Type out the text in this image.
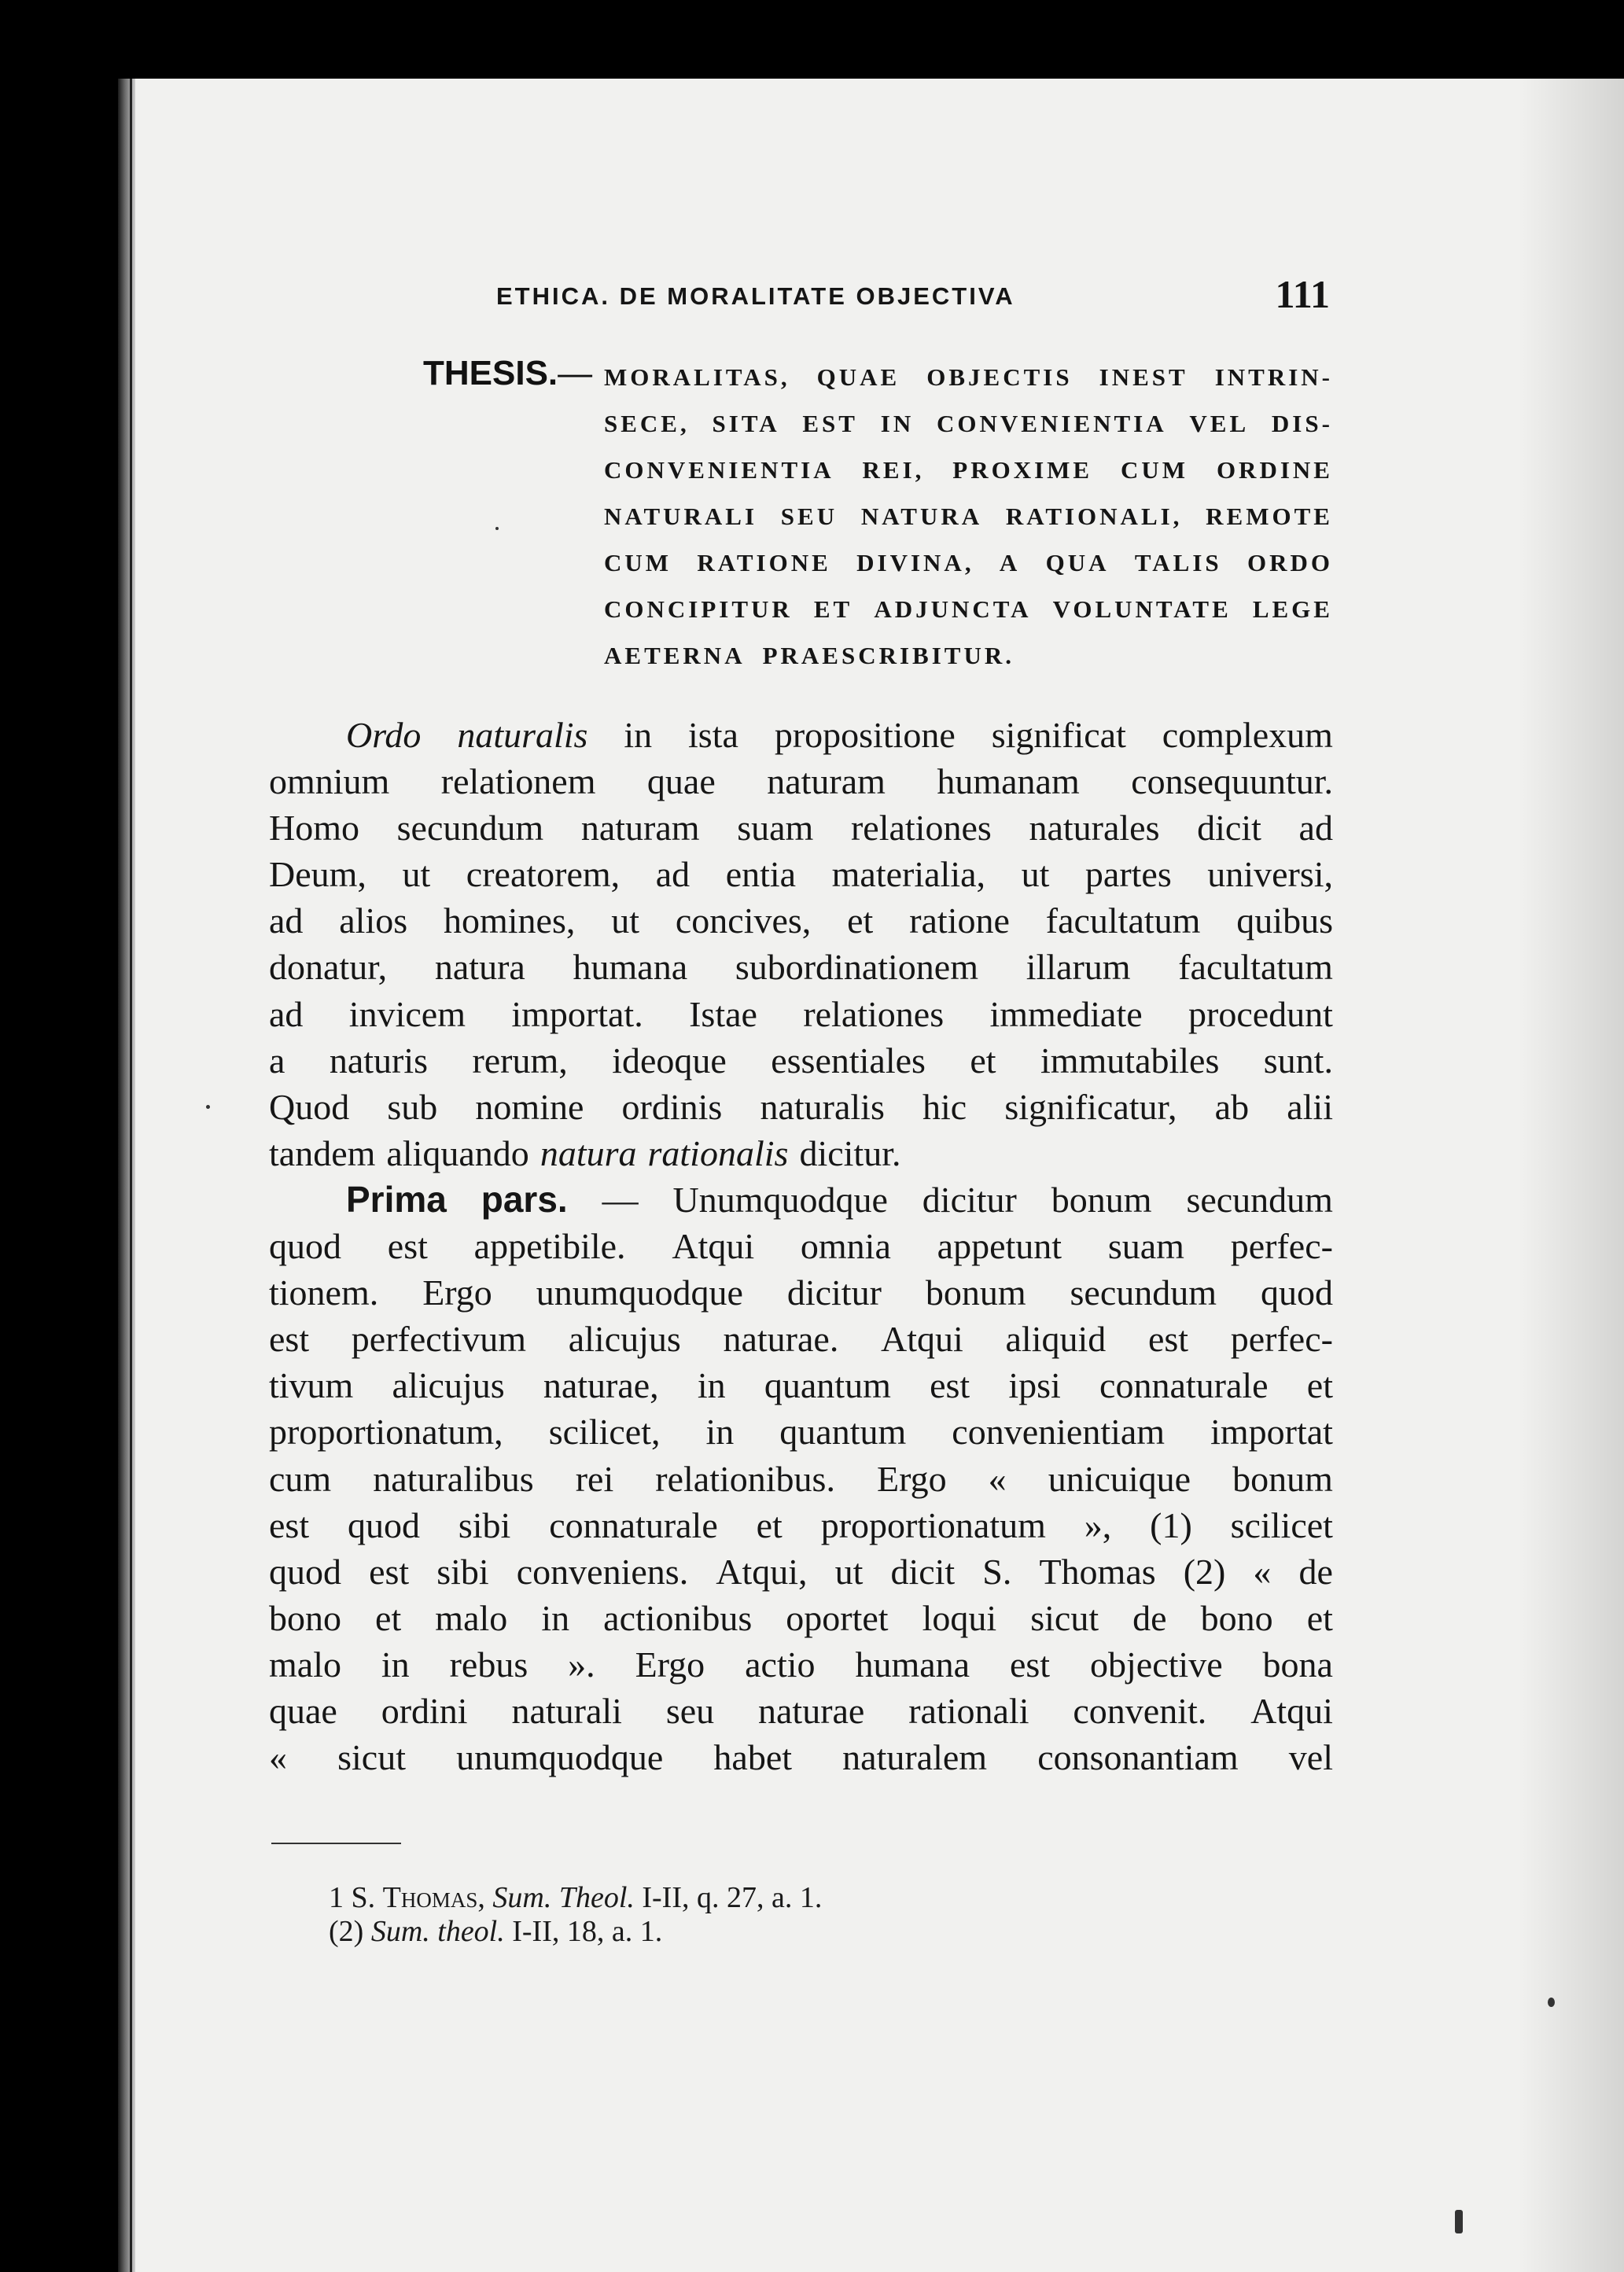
ETHICA. DE MORALITATE OBJECTIVA	111
THESIS.— MORALITAS, QUAE OBJECTIS INEST INTRIN-
SECE, SITA EST IN CONVENIENTIA VEL DIS-
CONVENIENTIA REI, PROXIME CUM ORDINE
NATURALI SEU NATURA RATIONALI, REMOTE
CUM RATIONE DIVINA, A QUA TALIS ORDO
CONCIPITUR ET ADJUNCTA VOLUNTATE LEGE
AETERNA PRAESCRIBITUR.
Ordo naturalis in ista propositione significat complexum
omnium relationem quae naturam humanam consequuntur.
Homo secundum naturam suam relationes naturales dicit ad
Deum, ut creatorem, ad entia materialia, ut partes universi,
ad alios homines, ut concives, et ratione facultatum quibus
donatur, natura humana subordinationem illarum facultatum
ad invicem importat. Istae relationes immediate procedunt
a naturis rerum, ideoque essentiales et immutabiles sunt.
Quod sub nomine ordinis naturalis hic significatur, ab alii
tandem aliquando natura rationalis dicitur.
Prima pars. — Unumquodque dicitur bonum secundum
quod est appetibile. Atqui omnia appetunt suam perfec-
tionem. Ergo unumquodque dicitur bonum secundum quod
est perfectivum alicujus naturae. Atqui aliquid est perfec-
tivum alicujus naturae, in quantum est ipsi connaturale et
proportionatum, scilicet, in quantum convenientiam importat
cum naturalibus rei relationibus. Ergo « unicuique bonum
est quod sibi connaturale et proportionatum », (1) scilicet
quod est sibi conveniens. Atqui, ut dicit S. Thomas (2) « de
bono et malo in actionibus oportet loqui sicut de bono et
malo in rebus ». Ergo actio humana est objective bona
quae ordini naturali seu naturae rationali convenit. Atqui
« sicut unumquodque habet naturalem consonantiam vel
1 S. Thomas, Sum. Theol. I-II, q. 27, a. 1.
(2) Sum. theol. I-II, 18, a. 1.
